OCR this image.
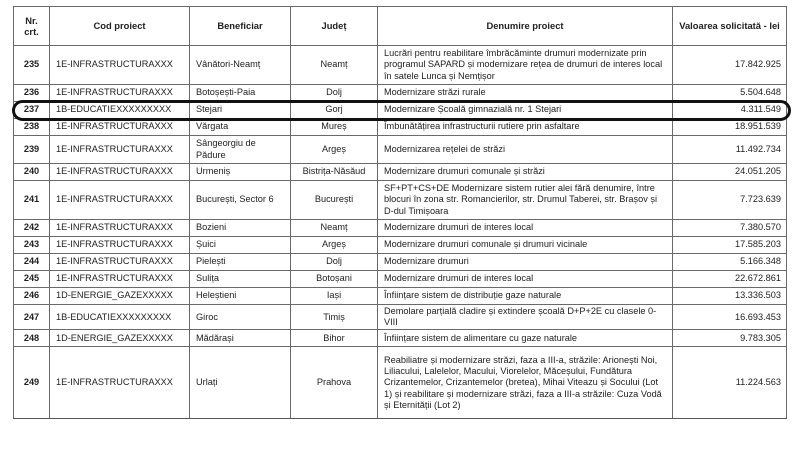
Nr. crt.	Cod proiect	Beneficiar	Județ	Denumire proiect	Valoarea solicitată - lei
235	1E-INFRASTRUCTURAXXX	Vânători-Neamț	Neamț	Lucrări pentru reabilitare îmbrăcăminte drumuri modernizate prin programul SAPARD și modernizare rețea de drumuri de interes local în satele Lunca și Nemțișor	17.842.925
236	1E-INFRASTRUCTURAXXX	Botoșești-Paia	Dolj	Modernizare străzi rurale	5.504.648
237	1B-EDUCATIEXXXXXXXXX	Stejari	Gorj	Modernizare Școală gimnazială nr. 1 Stejari	4.311.549
238	1E-INFRASTRUCTURAXXX	Vărgata	Mureș	Îmbunătățirea infrastructurii rutiere prin asfaltare	18.951.539
239	1E-INFRASTRUCTURAXXX	Sângeorgiu de Pădure	Argeș	Modernizarea rețelei de străzi	11.492.734
240	1E-INFRASTRUCTURAXXX	Urmeniș	Bistrița-Năsăud	Modernizare drumuri comunale și străzi	24.051.205
241	1E-INFRASTRUCTURAXXX	București, Sector 6	București	SF+PT+CS+DE Modernizare sistem rutier alei fără denumire, între blocuri în zona str. Romancierilor, str. Drumul Taberei, str. Brașov și D-dul Timișoara	7.723.639
242	1E-INFRASTRUCTURAXXX	Bozieni	Neamț	Modernizare drumuri de interes local	7.380.570
243	1E-INFRASTRUCTURAXXX	Șuici	Argeș	Modernizare drumuri comunale și drumuri vicinale	17.585.203
244	1E-INFRASTRUCTURAXXX	Pielești	Dolj	Modernizare drumuri	5.166.348
245	1E-INFRASTRUCTURAXXX	Sulița	Botoșani	Modernizare drumuri de interes local	22.672.861
246	1D-ENERGIE_GAZEXXXXX	Heleștieni	Iași	Înființare sistem de distribuție gaze naturale	13.336.503
247	1B-EDUCATIEXXXXXXXXX	Giroc	Timiș	Demolare parțială cladire și extindere școală D+P+2E cu clasele 0-VIII	16.693.453
248	1D-ENERGIE_GAZEXXXXX	Mădărași	Bihor	Înființare sistem de alimentare cu gaze naturale	9.783.305
249	1E-INFRASTRUCTURAXXX	Urlați	Prahova	Reabiliatre și modernizare străzi, faza a III-a, străzile: Arionești Noi, Liliacului, Lalelelor, Macului, Viorelelor, Măceșului, Fundătura Crizantemelor, Crizantemelor (bretea), Mihai Viteazu și Socului (Lot 1) și reabilitare și modernizare străzi, faza a III-a străzile: Cuza Vodă și Eternității (Lot 2)	11.224.563
